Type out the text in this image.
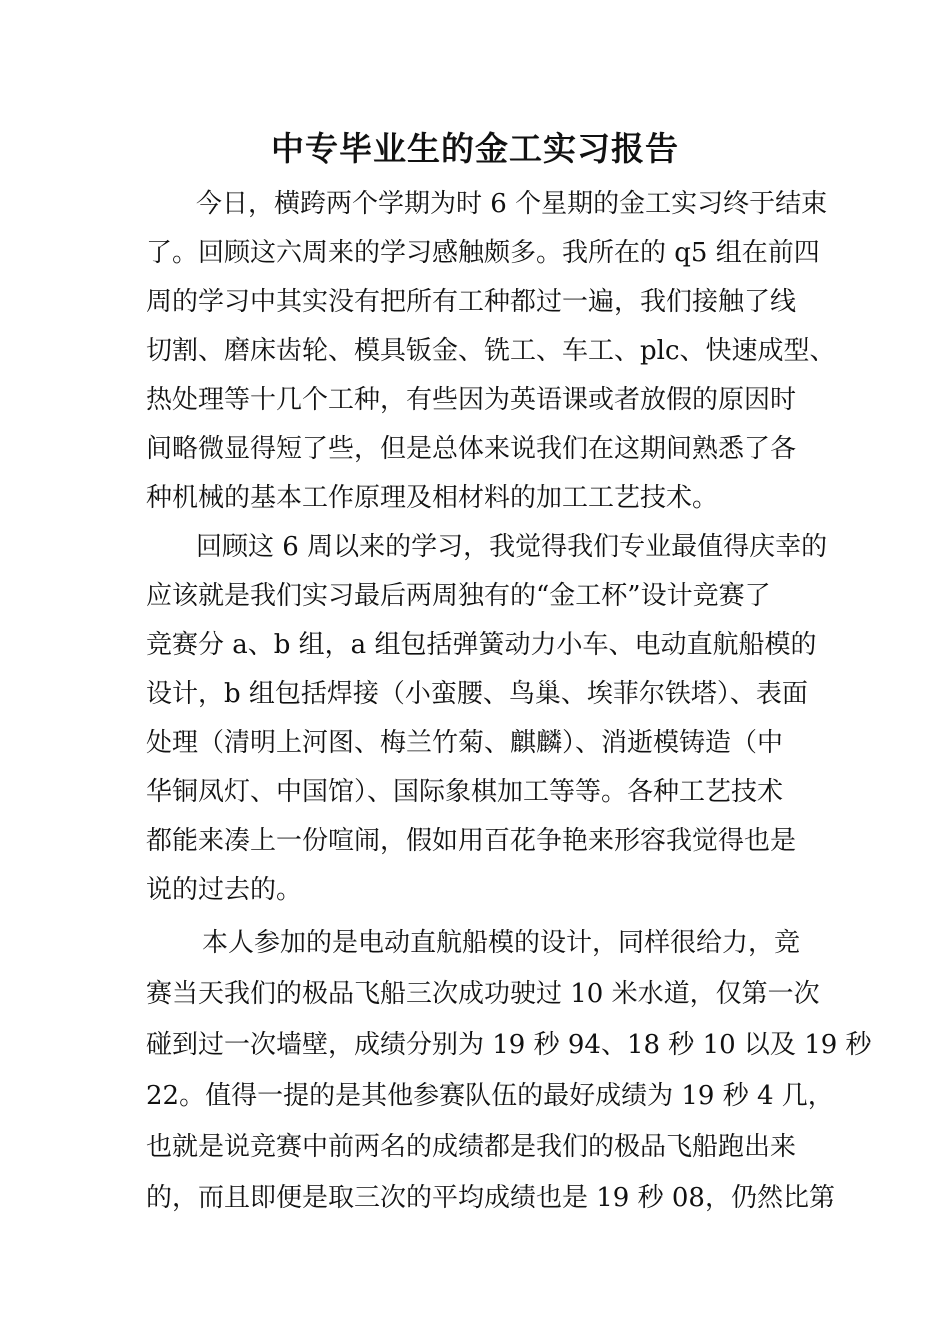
中专毕业生的金工实习报告
今日，横跨两个学期为时 6 个星期的金工实习终于结束
了。回顾这六周来的学习感触颇多。我所在的 q5 组在前四
周的学习中其实没有把所有工种都过一遍，我们接触了线
切割、磨床齿轮、模具钣金、铣工、车工、plc、快速成型、
热处理等十几个工种，有些因为英语课或者放假的原因时
间略微显得短了些，但是总体来说我们在这期间熟悉了各
种机械的基本工作原理及相材料的加工工艺技术。
回顾这 6 周以来的学习，我觉得我们专业最值得庆幸的
应该就是我们实习最后两周独有的“金工杯”设计竞赛了
竞赛分 a、b 组，a 组包括弹簧动力小车、电动直航船模的
设计，b 组包括焊接（小蛮腰、鸟巢、埃菲尔铁塔）、表面
处理（清明上河图、梅兰竹菊、麒麟）、消逝模铸造（中
华铜凤灯、中国馆）、国际象棋加工等等。各种工艺技术
都能来凑上一份喧闹，假如用百花争艳来形容我觉得也是
说的过去的。
本人参加的是电动直航船模的设计，同样很给力，竞
赛当天我们的极品飞船三次成功驶过 10 米水道，仅第一次
碰到过一次墙壁，成绩分别为 19 秒 94、18 秒 10 以及 19 秒
22。值得一提的是其他参赛队伍的最好成绩为 19 秒 4 几，
也就是说竞赛中前两名的成绩都是我们的极品飞船跑出来
的，而且即便是取三次的平均成绩也是 19 秒 08，仍然比第
